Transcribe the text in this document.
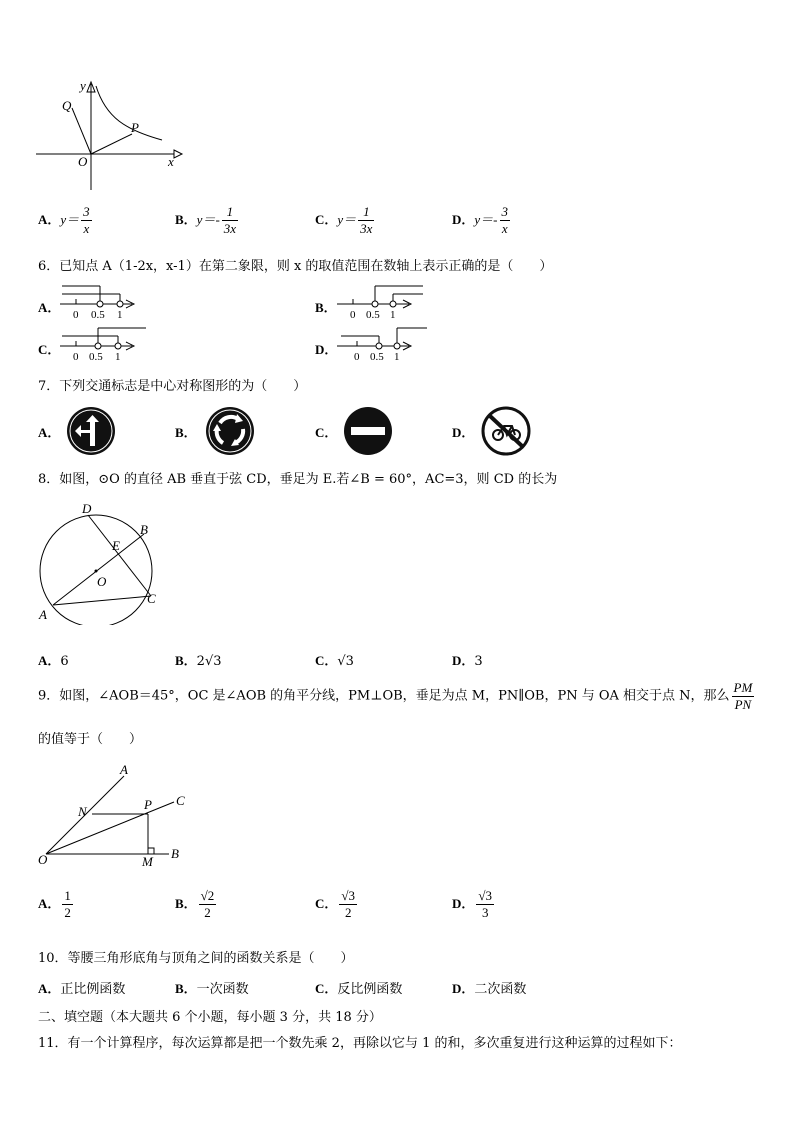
y
Q
P
O	x
A．$y= \frac{3}{x}$	B．$y=- \frac{1}{3x}$	C．$y= \frac{1}{3x}$	D．$y=- \frac{3}{x}$
6．已知点 A（1-2x，x-1）在第二象限，则 x 的取值范围在数轴上表示正确的是（　　）
A． 0 0.5 1	B． 0 0.5 1
C． 0 0.5 1	D． 0 0.5 1
7．下列交通标志是中心对称图形的为（　　）
A．	B．	C．	D．
8．如图，⊙O 的直径 AB 垂直于弦 CD，垂足为 E.若∠B = 60°，AC=3，则 CD 的长为
D
B
E
O
A
C
A．6	B．2√3	C．√3	D．3
9．如图，∠AOB＝45°，OC 是∠AOB 的角平分线，PM⊥OB，垂足为点 M，PN∥OB，PN 与 OA 相交于点 N，那么 $\frac{PM}{PN}$
的值等于（　　）
A
C
N	P
O	M
B
A． $\frac{1}{2}$	B． $\frac{√2}{2}$	C． $\frac{√3}{2}$	D． $\frac{√3}{3}$
10．等腰三角形底角与顶角之间的函数关系是（　　）
A．正比例函数	B．一次函数	C．反比例函数	D．二次函数
二、填空题（本大题共 6 个小题，每小题 3 分，共 18 分）
11．有一个计算程序，每次运算都是把一个数先乘 2，再除以它与 1 的和，多次重复进行这种运算的过程如下：
